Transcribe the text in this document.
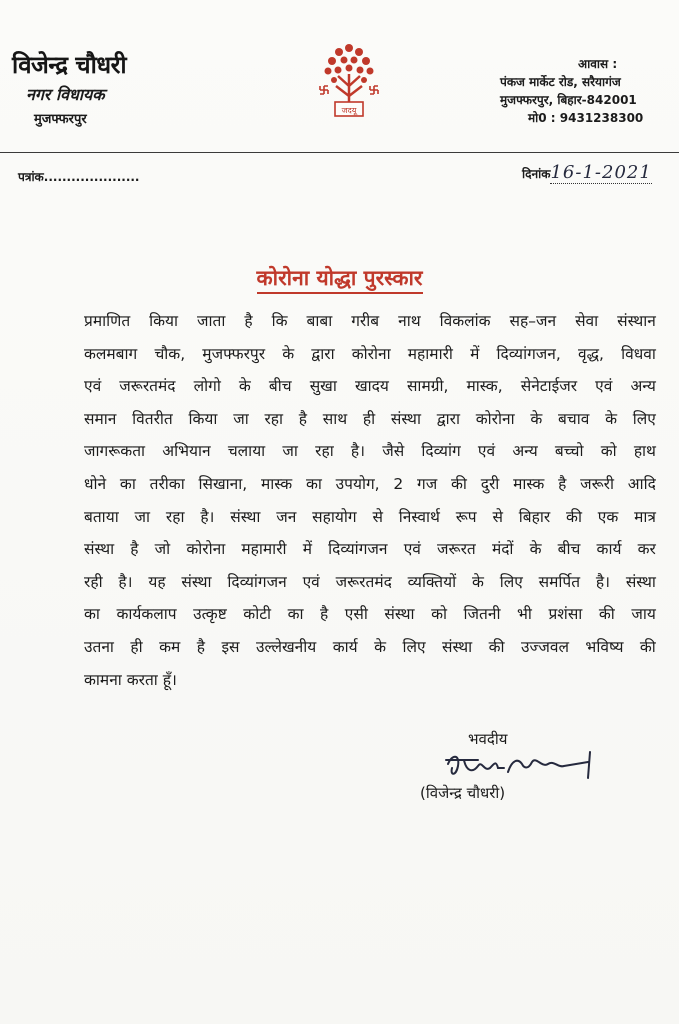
विजेन्द्र चौधरी
नगर विधायक
मुजफ्फरपुर
जदयू
आवास :
पंकज मार्केट रोड, सरैयागंज
मुजफ्फरपुर, बिहार-842001
मो0 : 9431238300
पत्रांक.....................	दिनांक16-1-2021
कोरोना योद्धा पुरस्कार
प्रमाणित किया जाता है कि बाबा गरीब नाथ विकलांक सह–जन सेवा संस्थान
कलमबाग चौक, मुजफ्फरपुर के द्वारा कोरोना महामारी में दिव्यांगजन, वृद्ध, विधवा
एवं जरूरतमंद लोगो के बीच सुखा खादय सामग्री, मास्क, सेनेटाईजर एवं अन्य
समान वितरीत किया जा रहा है साथ ही संस्था द्वारा कोरोना के बचाव के लिए
जागरूकता अभियान चलाया जा रहा है। जैसे दिव्यांग एवं अन्य बच्चो को हाथ
धोने का तरीका सिखाना, मास्क का उपयोग, 2 गज की दुरी मास्क है जरूरी आदि
बताया जा रहा है। संस्था जन सहायोग से निस्वार्थ रूप से बिहार की एक मात्र
संस्था है जो कोरोना महामारी में दिव्यांगजन एवं जरूरत मंदों के बीच कार्य कर
रही है। यह संस्था दिव्यांगजन एवं जरूरतमंद व्यक्तियों के लिए समर्पित है। संस्था
का कार्यकलाप उत्कृष्ट कोटी का है एसी संस्था को जितनी भी प्रशंसा की जाय
उतना ही कम है इस उल्लेखनीय कार्य के लिए संस्था की उज्जवल भविष्य की
कामना करता हूँ।
भवदीय
(विजेन्द्र चौधरी)
